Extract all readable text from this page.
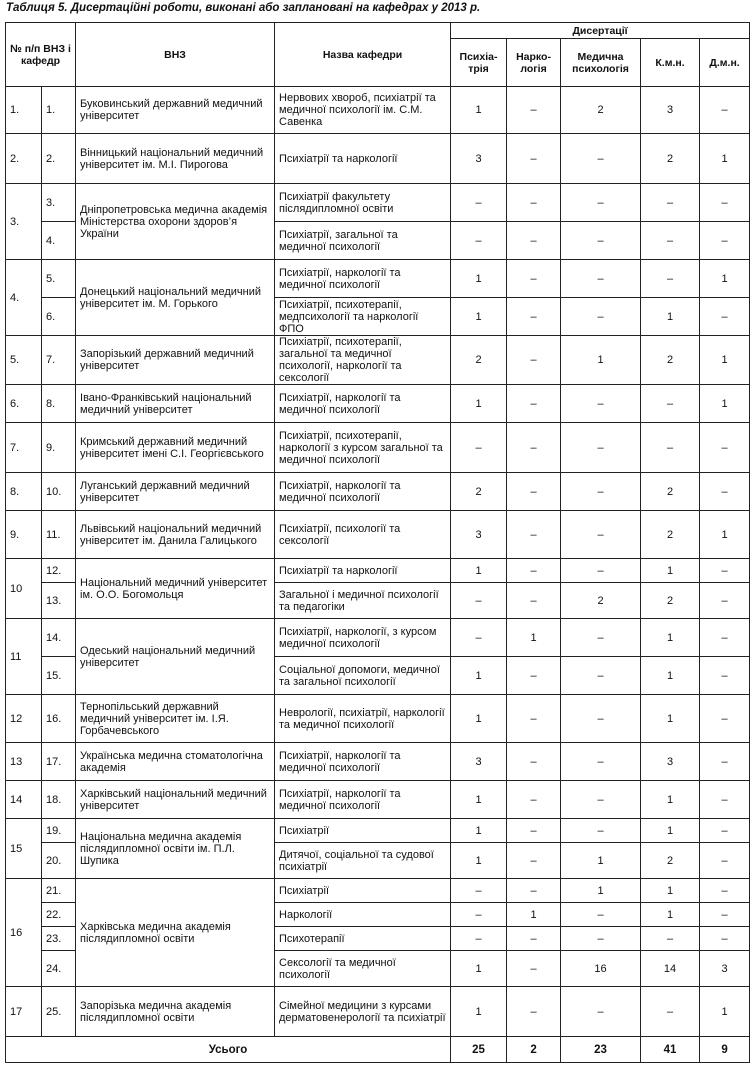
Таблиця 5. Дисертаційні роботи, виконані або заплановані на кафедрах у 2013 р.
№ п/п ВНЗ і кафедр		ВНЗ	Назва кафедри	Дисертації				
				Психіа-трія	Нарко-логія	Медична психологія	К.м.н.	Д.м.н.
1.	1.	Буковинський державний медичний університет	Нервових хвороб, психіатрії та медичної психології ім. С.М. Савенка	1	–	2	3	–
2.	2.	Вінницький національний медичний університет ім. М.І. Пирогова	Психіатрії та наркології	3	–	–	2	1
3.	3.	Дніпропетровська медична академія Міністерства охорони здоров’я України	Психіатрії факультету післядипломної освіти	–	–	–	–	–
	4.		Психіатрії, загальної та медичної психології	–	–	–	–	–
4.	5.	Донецький національний медичний університет ім. М. Горького	Психіатрії, наркології та медичної психології	1	–	–	–	1
	6.		Психіатрії, психотерапії, медпсихології та наркології ФПО	1	–	–	1	–
5.	7.	Запорізький державний медичний університет	Психіатрії, психотерапії, загальної та медичної психології, наркології та сексології	2	–	1	2	1
6.	8.	Івано-Франківський національний медичний університет	Психіатрії, наркології та медичної психології	1	–	–	–	1
7.	9.	Кримський державний медичний університет імені С.І. Георгієвського	Психіатрії, психотерапії, наркології з курсом загальної та медичної психології	–	–	–	–	–
8.	10.	Луганський державний медичний університет	Психіатрії, наркології та медичної психології	2	–	–	2	–
9.	11.	Львівський національний медичний університет ім. Данила Галицького	Психіатрії, психології та сексології	3	–	–	2	1
10	12.	Національний медичний університет ім. О.О. Богомольця	Психіатрії та наркології	1	–	–	1	–
	13.		Загальної і медичної психології та педагогіки	–	–	2	2	–
11	14.	Одеський національний медичний університет	Психіатрії, наркології, з курсом медичної психології	–	1	–	1	–
	15.		Соціальної допомоги, медичної та загальної психології	1	–	–	1	–
12	16.	Тернопільський державний медичний університет ім. І.Я. Горбачевського	Неврології, психіатрії, наркології та медичної психології	1	–	–	1	–
13	17.	Українська медична стоматологічна академія	Психіатрії, наркології та медичної психології	3	–	–	3	–
14	18.	Харківський національний медичний університет	Психіатрії, наркології та медичної психології	1	–	–	1	–
15	19.	Національна медична академія післядипломної освіти ім. П.Л. Шупика	Психіатрії	1	–	–	1	–
	20.		Дитячої, соціальної та судової психіатрії	1	–	1	2	–
16	21.	Харківська медична академія післядипломної освіти	Психіатрії	–	–	1	1	–
	22.		Наркології	–	1	–	1	–
	23.		Психотерапії	–	–	–	–	–
	24.		Сексології та медичної психології	1	–	16	14	3
17	25.	Запорізька медична академія післядипломної освіти	Сімейної медицини з курсами дерматовенерології та психіатрії	1	–	–	–	1
Усього				25	2	23	41	9
